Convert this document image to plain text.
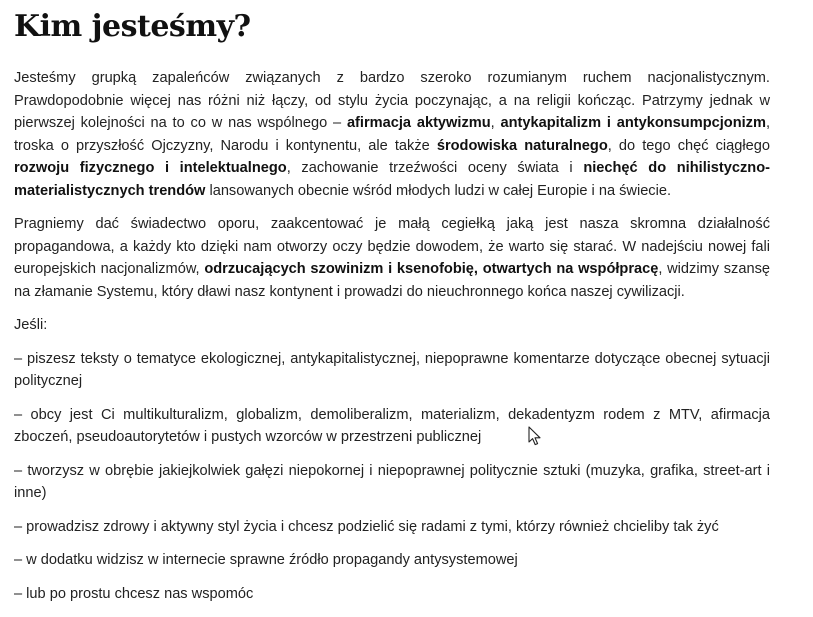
Kim jesteśmy?

Jesteśmy grupką zapaleńców związanych z bardzo szeroko rozumianym ruchem nacjonalistycznym. Prawdopodobnie więcej nas różni niż łączy, od stylu życia poczynając, a na religii kończąc. Patrzymy jednak w pierwszej kolejności na to co w nas wspólnego – afirmacja aktywizmu, antykapitalizm i antykonsumpcjonizm, troska o przyszłość Ojczyzny, Narodu i kontynentu, ale także środowiska naturalnego, do tego chęć ciągłego rozwoju fizycznego i intelektualnego, zachowanie trzeźwości oceny świata i niechęć do nihilistyczno-materialistycznych trendów lansowanych obecnie wśród młodych ludzi w całej Europie i na świecie.

Pragniemy dać świadectwo oporu, zaakcentować je małą cegiełką jaką jest nasza skromna działalność propagandowa, a każdy kto dzięki nam otworzy oczy będzie dowodem, że warto się starać. W nadejściu nowej fali europejskich nacjonalizmów, odrzucających szowinizm i ksenofobię, otwartych na współpracę, widzimy szansę na złamanie Systemu, który dławi nasz kontynent i prowadzi do nieuchronnego końca naszej cywilizacji.

Jeśli:

– piszesz teksty o tematyce ekologicznej, antykapitalistycznej, niepoprawne komentarze dotyczące obecnej sytuacji politycznej

– obcy jest Ci multikulturalizm, globalizm, demoliberalizm, materializm, dekadentyzm rodem z MTV, afirmacja zboczeń, pseudoautorytetów i pustych wzorców w przestrzeni publicznej

– tworzysz w obrębie jakiejkolwiek gałęzi niepokornej i niepoprawnej politycznie sztuki (muzyka, grafika, street-art i inne)

– prowadzisz zdrowy i aktywny styl życia i chcesz podzielić się radami z tymi, którzy również chcieliby tak żyć

– w dodatku widzisz w internecie sprawne źródło propagandy antysystemowej

– lub po prostu chcesz nas wspomóc
